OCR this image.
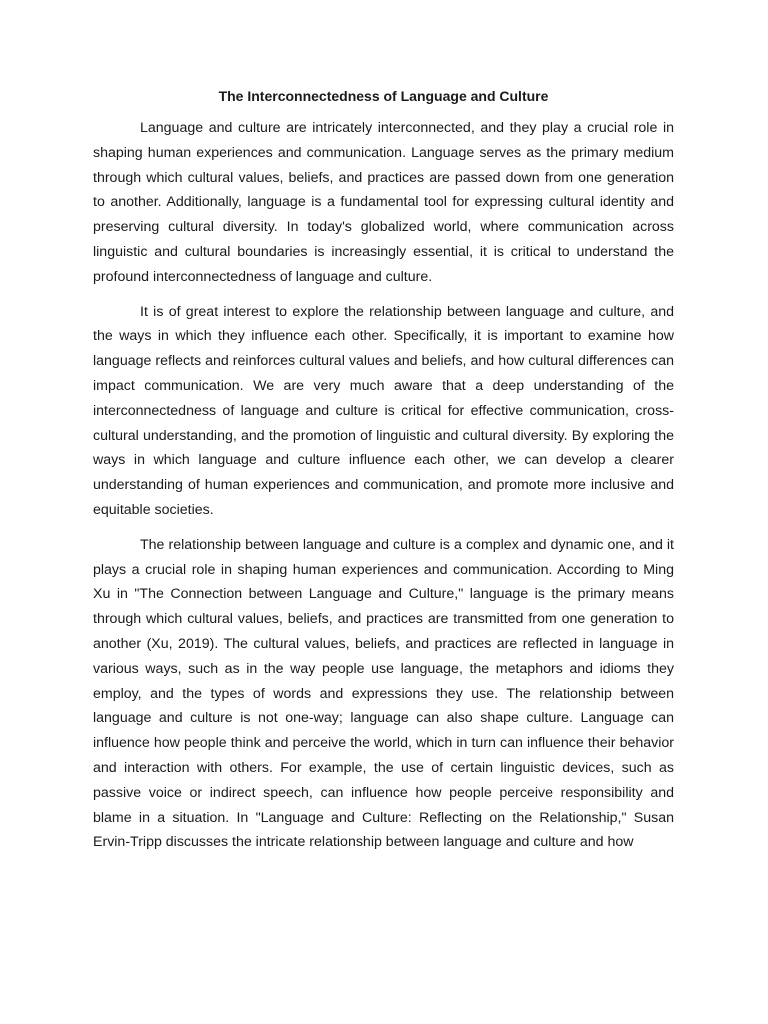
The Interconnectedness of Language and Culture

Language and culture are intricately interconnected, and they play a crucial role in shaping human experiences and communication. Language serves as the primary medium through which cultural values, beliefs, and practices are passed down from one generation to another. Additionally, language is a fundamental tool for expressing cultural identity and preserving cultural diversity. In today's globalized world, where communication across linguistic and cultural boundaries is increasingly essential, it is critical to understand the profound interconnectedness of language and culture.

It is of great interest to explore the relationship between language and culture, and the ways in which they influence each other. Specifically, it is important to examine how language reflects and reinforces cultural values and beliefs, and how cultural differences can impact communication. We are very much aware that a deep understanding of the interconnectedness of language and culture is critical for effective communication, cross-cultural understanding, and the promotion of linguistic and cultural diversity. By exploring the ways in which language and culture influence each other, we can develop a clearer understanding of human experiences and communication, and promote more inclusive and equitable societies.

The relationship between language and culture is a complex and dynamic one, and it plays a crucial role in shaping human experiences and communication. According to Ming Xu in "The Connection between Language and Culture," language is the primary means through which cultural values, beliefs, and practices are transmitted from one generation to another (Xu, 2019). The cultural values, beliefs, and practices are reflected in language in various ways, such as in the way people use language, the metaphors and idioms they employ, and the types of words and expressions they use. The relationship between language and culture is not one-way; language can also shape culture. Language can influence how people think and perceive the world, which in turn can influence their behavior and interaction with others. For example, the use of certain linguistic devices, such as passive voice or indirect speech, can influence how people perceive responsibility and blame in a situation. In "Language and Culture: Reflecting on the Relationship," Susan Ervin-Tripp discusses the intricate relationship between language and culture and how
